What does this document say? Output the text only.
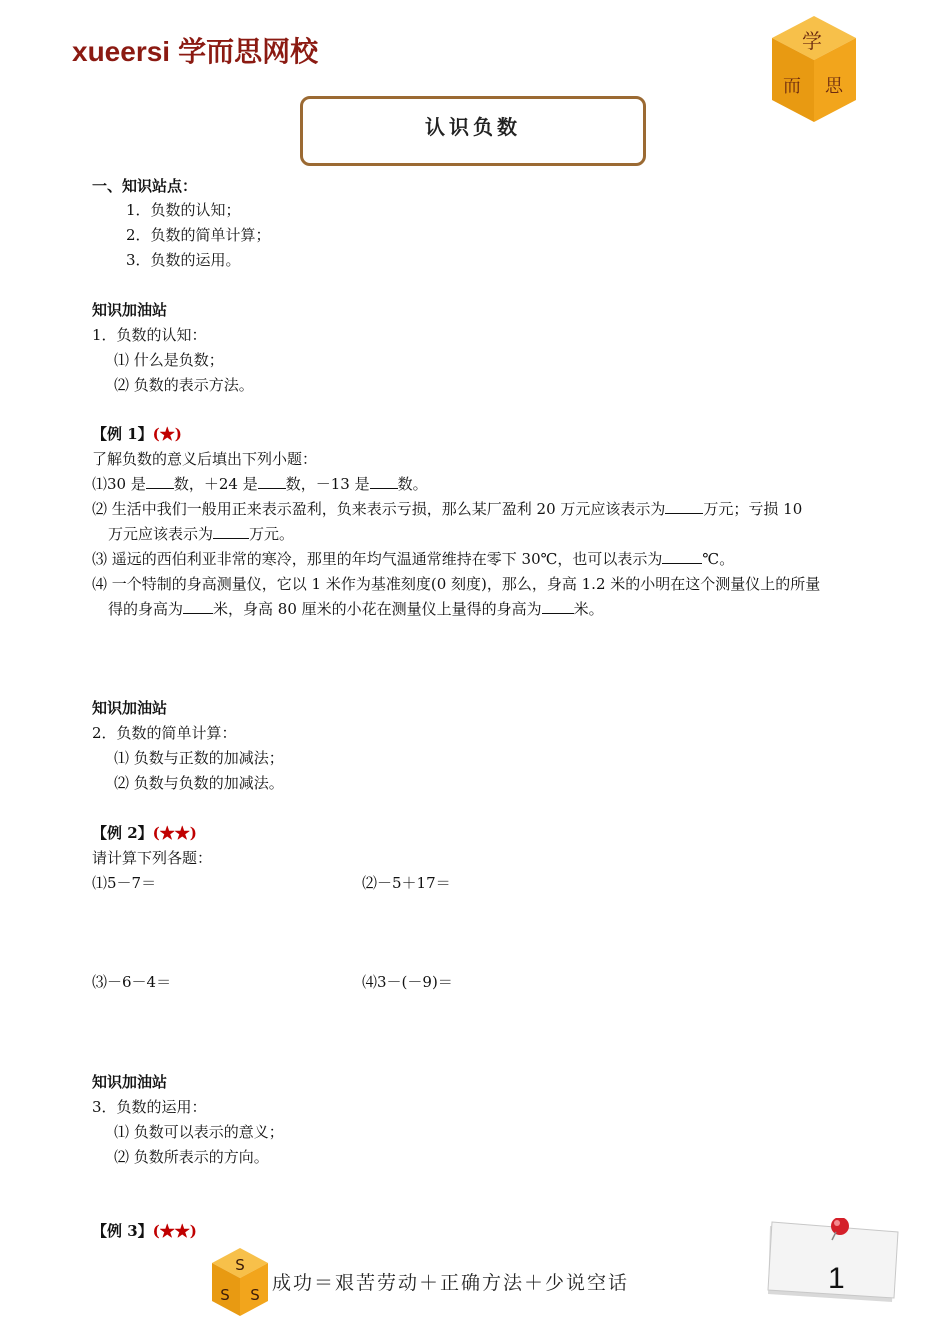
xueersi 学而思网校	学
而 思
认识负数
一、知识站点：
1．负数的认知；
2．负数的简单计算；
3．负数的运用。
知识加油站
1．负数的认知：
⑴ 什么是负数；
⑵ 负数的表示方法。
【例 1】(★)
了解负数的意义后填出下列小题：
⑴30 是 数，＋24 是 数，－13 是 数。
⑵ 生活中我们一般用正来表示盈利，负来表示亏损，那么某厂盈利 20 万元应该表示为	万元；亏损 10
万元应该表示为 万元。
⑶ 遥远的西伯利亚非常的寒冷，那里的年均气温通常维持在零下 30℃，也可以表示为	℃。
⑷ 一个特制的身高测量仪，它以 1 米作为基准刻度(0 刻度)，那么，身高 1.2 米的小明在这个测量仪上的所量
得的身高为 米，身高 80 厘米的小花在测量仪上量得的身高为 米。
知识加油站
2．负数的简单计算：
⑴ 负数与正数的加减法；
⑵ 负数与负数的加减法。
【例 2】(★★)
请计算下列各题：
⑴5－7＝	⑵－5＋17＝
⑶－6－4＝	⑷3－(－9)＝
知识加油站
3．负数的运用：
⑴ 负数可以表示的意义；
⑵ 负数所表示的方向。
【例 3】(★★)
S
S S
成功＝艰苦劳动＋正确方法＋少说空话	1
